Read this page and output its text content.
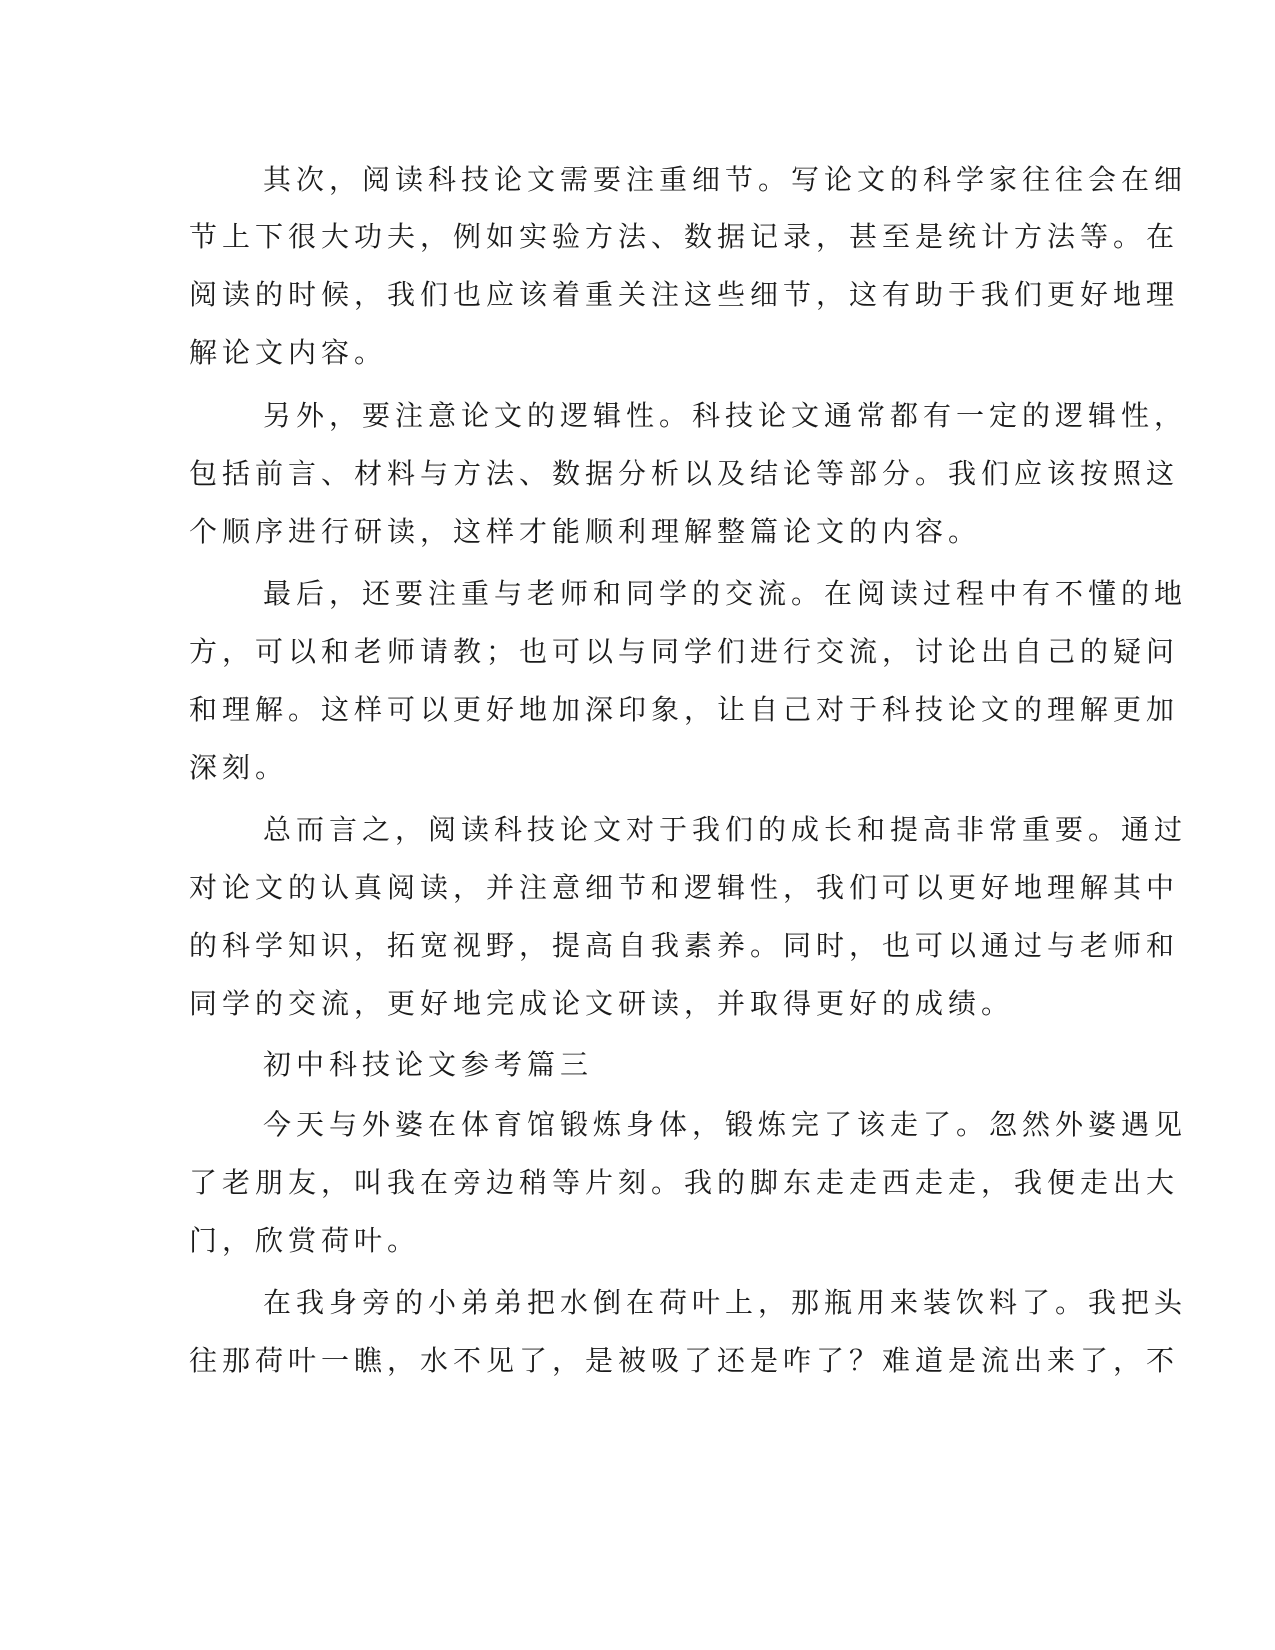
其次，阅读科技论文需要注重细节。写论文的科学家往往会在细
节上下很大功夫，例如实验方法、数据记录，甚至是统计方法等。在
阅读的时候，我们也应该着重关注这些细节，这有助于我们更好地理
解论文内容。
另外，要注意论文的逻辑性。科技论文通常都有一定的逻辑性，
包括前言、材料与方法、数据分析以及结论等部分。我们应该按照这
个顺序进行研读，这样才能顺利理解整篇论文的内容。
最后，还要注重与老师和同学的交流。在阅读过程中有不懂的地
方，可以和老师请教；也可以与同学们进行交流，讨论出自己的疑问
和理解。这样可以更好地加深印象，让自己对于科技论文的理解更加
深刻。
总而言之，阅读科技论文对于我们的成长和提高非常重要。通过
对论文的认真阅读，并注意细节和逻辑性，我们可以更好地理解其中
的科学知识，拓宽视野，提高自我素养。同时，也可以通过与老师和
同学的交流，更好地完成论文研读，并取得更好的成绩。
初中科技论文参考篇三
今天与外婆在体育馆锻炼身体，锻炼完了该走了。忽然外婆遇见
了老朋友，叫我在旁边稍等片刻。我的脚东走走西走走，我便走出大
门，欣赏荷叶。
在我身旁的小弟弟把水倒在荷叶上，那瓶用来装饮料了。我把头
往那荷叶一瞧，水不见了，是被吸了还是咋了？难道是流出来了，不
